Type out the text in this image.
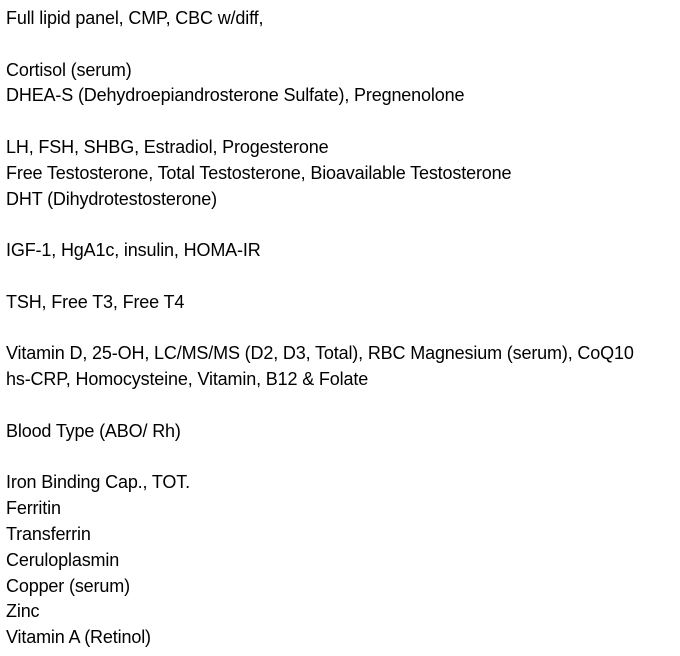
Full lipid panel, CMP, CBC w/diff,
Cortisol (serum)
DHEA-S (Dehydroepiandrosterone Sulfate), Pregnenolone
LH, FSH, SHBG, Estradiol, Progesterone
Free Testosterone, Total Testosterone, Bioavailable Testosterone
DHT (Dihydrotestosterone)
IGF-1, HgA1c, insulin, HOMA-IR
TSH, Free T3, Free T4
Vitamin D, 25-OH, LC/MS/MS (D2, D3, Total), RBC Magnesium (serum), CoQ10
hs-CRP, Homocysteine, Vitamin, B12 & Folate
Blood Type (ABO/ Rh)
Iron Binding Cap., TOT.
Ferritin
Transferrin
Ceruloplasmin
Copper (serum)
Zinc
Vitamin A (Retinol)
